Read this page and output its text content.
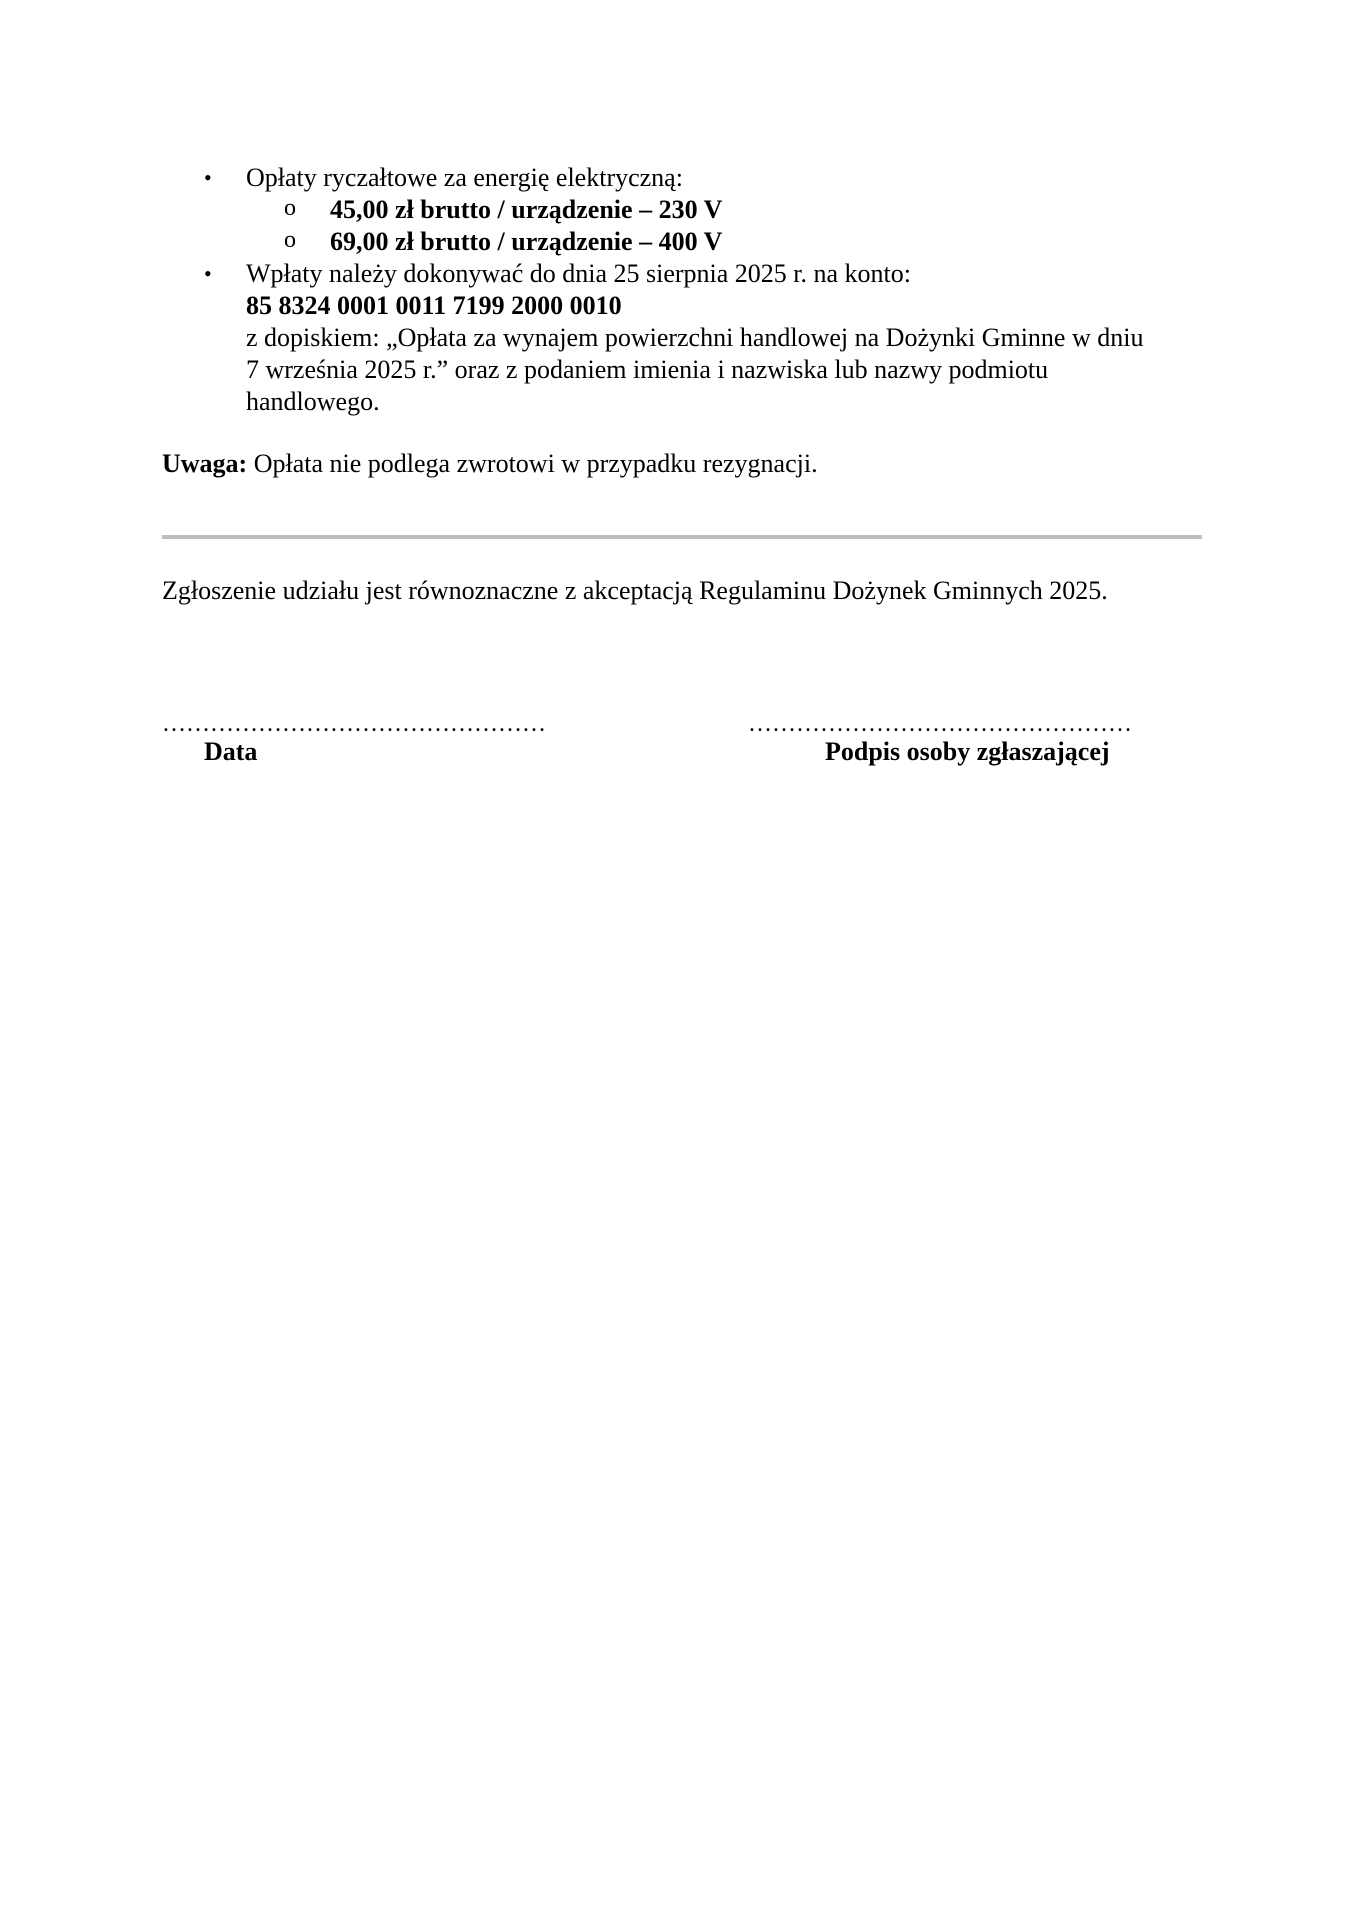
• Opłaty ryczałtowe za energię elektryczną:
o 45,00 zł brutto / urządzenie – 230 V
o 69,00 zł brutto / urządzenie – 400 V
• Wpłaty należy dokonywać do dnia 25 sierpnia 2025 r. na konto:
85 8324 0001 0011 7199 2000 0010
z dopiskiem: „Opłata za wynajem powierzchni handlowej na Dożynki Gminne w dniu
7 września 2025 r.” oraz z podaniem imienia i nazwiska lub nazwy podmiotu
handlowego.
Uwaga: Opłata nie podlega zwrotowi w przypadku rezygnacji.
Zgłoszenie udziału jest równoznaczne z akceptacją Regulaminu Dożynek Gminnych 2025.
…………………………………………	…………………………………………
Data	Podpis osoby zgłaszającej
